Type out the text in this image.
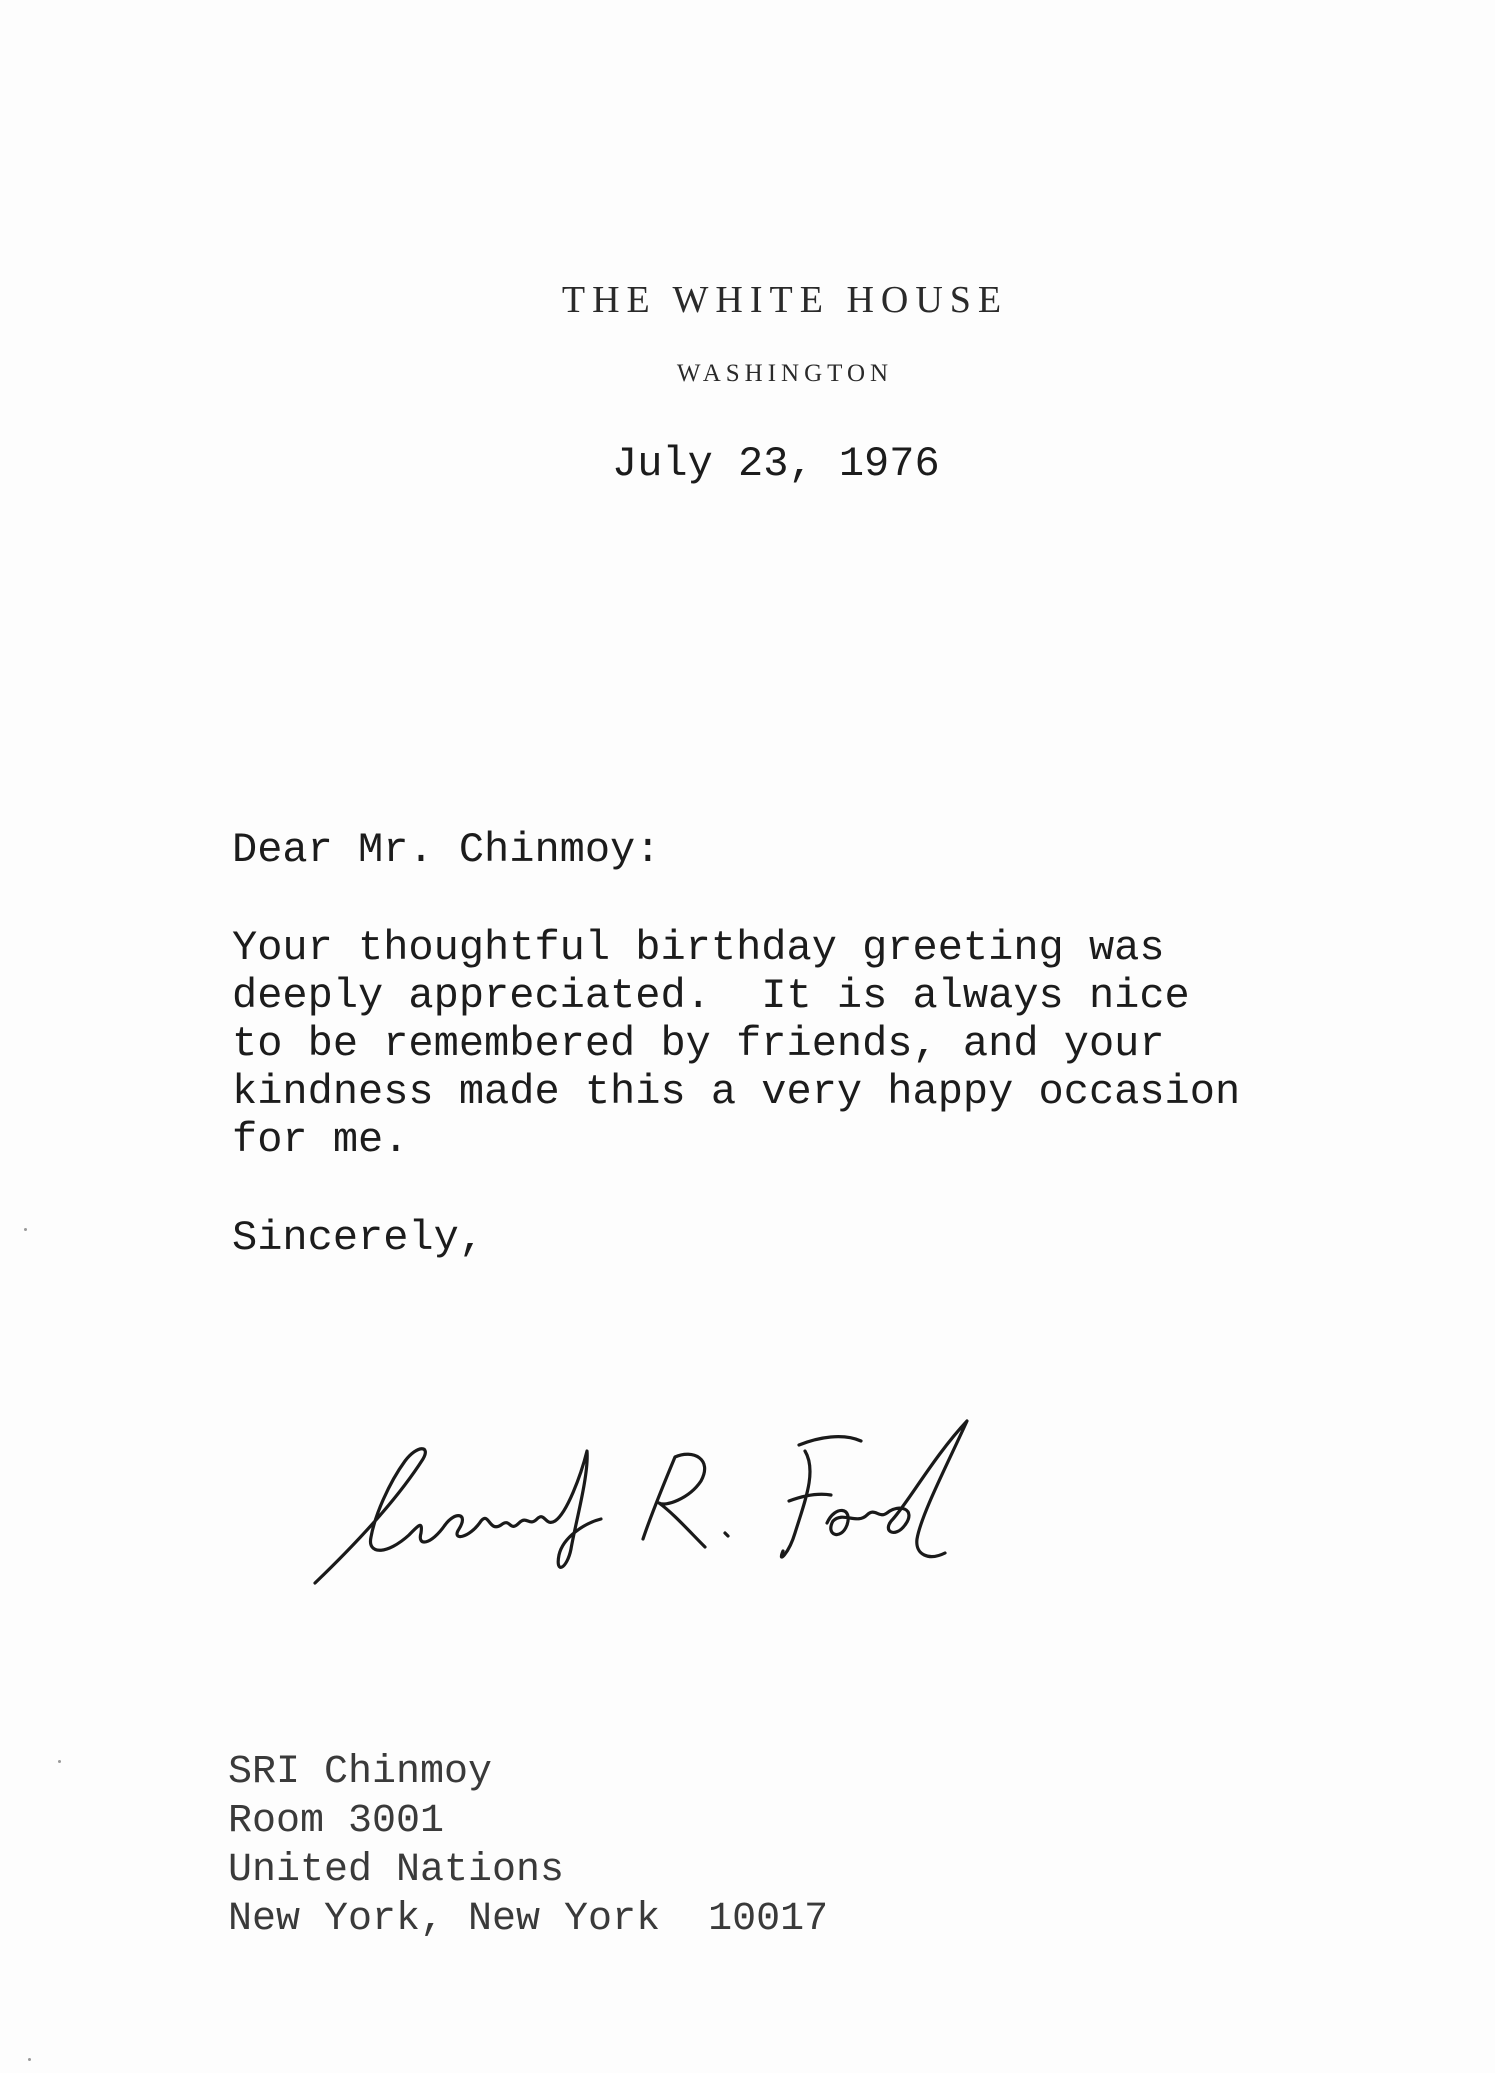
THE WHITE HOUSE
WASHINGTON
July 23, 1976
Dear Mr. Chinmoy:
Your thoughtful birthday greeting was
deeply appreciated.  It is always nice
to be remembered by friends, and your
kindness made this a very happy occasion
for me.
Sincerely,
SRI Chinmoy
Room 3001
United Nations
New York, New York  10017
